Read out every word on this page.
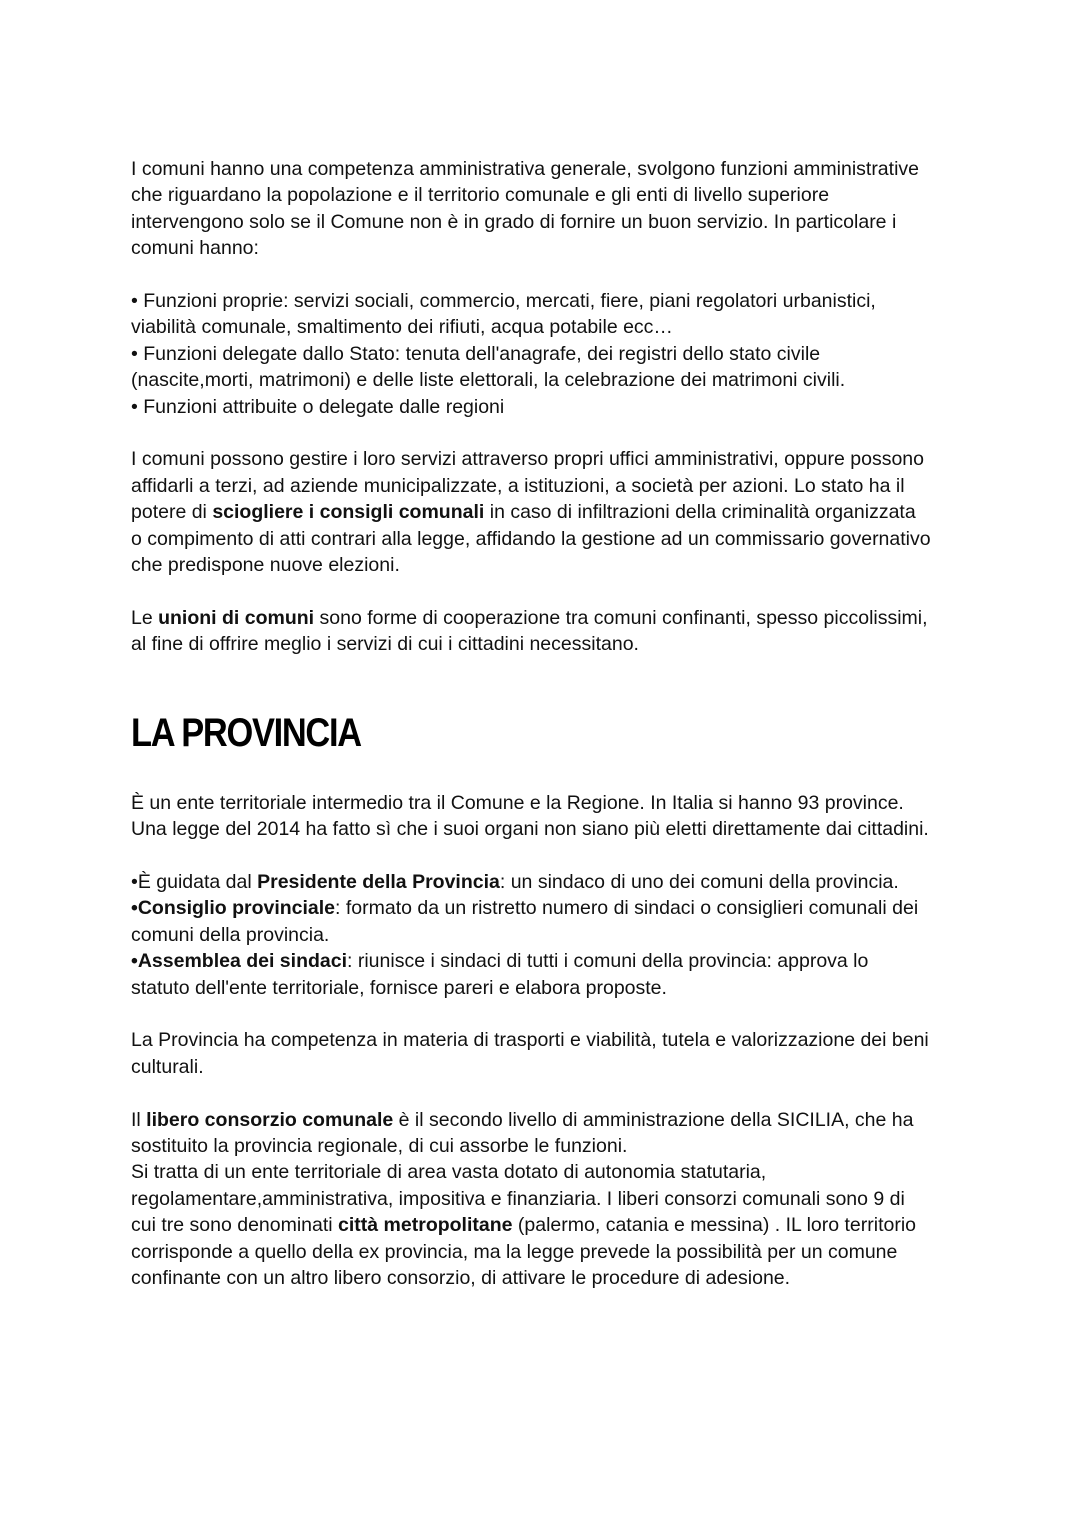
I comuni hanno una competenza amministrativa generale, svolgono funzioni amministrative
che riguardano la popolazione e il territorio comunale e gli enti di livello superiore
intervengono solo se il Comune non è in grado di fornire un buon servizio. In particolare i
comuni hanno:

• Funzioni proprie: servizi sociali, commercio, mercati, fiere, piani regolatori urbanistici,
viabilità comunale, smaltimento dei rifiuti, acqua potabile ecc…
• Funzioni delegate dallo Stato: tenuta dell'anagrafe, dei registri dello stato civile
(nascite,morti, matrimoni) e delle liste elettorali, la celebrazione dei matrimoni civili.
• Funzioni attribuite o delegate dalle regioni

I comuni possono gestire i loro servizi attraverso propri uffici amministrativi, oppure possono
affidarli a terzi, ad aziende municipalizzate, a istituzioni, a società per azioni. Lo stato ha il
potere di sciogliere i consigli comunali in caso di infiltrazioni della criminalità organizzata
o compimento di atti contrari alla legge, affidando la gestione ad un commissario governativo
che predispone nuove elezioni.

Le unioni di comuni sono forme di cooperazione tra comuni confinanti, spesso piccolissimi,
al fine di offrire meglio i servizi di cui i cittadini necessitano.

LA PROVINCIA

È un ente territoriale intermedio tra il Comune e la Regione. In Italia si hanno 93 province.
Una legge del 2014 ha fatto sì che i suoi organi non siano più eletti direttamente dai cittadini.

•È guidata dal Presidente della Provincia: un sindaco di uno dei comuni della provincia.
•Consiglio provinciale: formato da un ristretto numero di sindaci o consiglieri comunali dei
comuni della provincia.
•Assemblea dei sindaci: riunisce i sindaci di tutti i comuni della provincia: approva lo
statuto dell'ente territoriale, fornisce pareri e elabora proposte.

La Provincia ha competenza in materia di trasporti e viabilità, tutela e valorizzazione dei beni
culturali.

Il libero consorzio comunale è il secondo livello di amministrazione della SICILIA, che ha
sostituito la provincia regionale, di cui assorbe le funzioni.
Si tratta di un ente territoriale di area vasta dotato di autonomia statutaria,
regolamentare,amministrativa, impositiva e finanziaria. I liberi consorzi comunali sono 9 di
cui tre sono denominati città metropolitane (palermo, catania e messina) . IL loro territorio
corrisponde a quello della ex provincia, ma la legge prevede la possibilità per un comune
confinante con un altro libero consorzio, di attivare le procedure di adesione.
